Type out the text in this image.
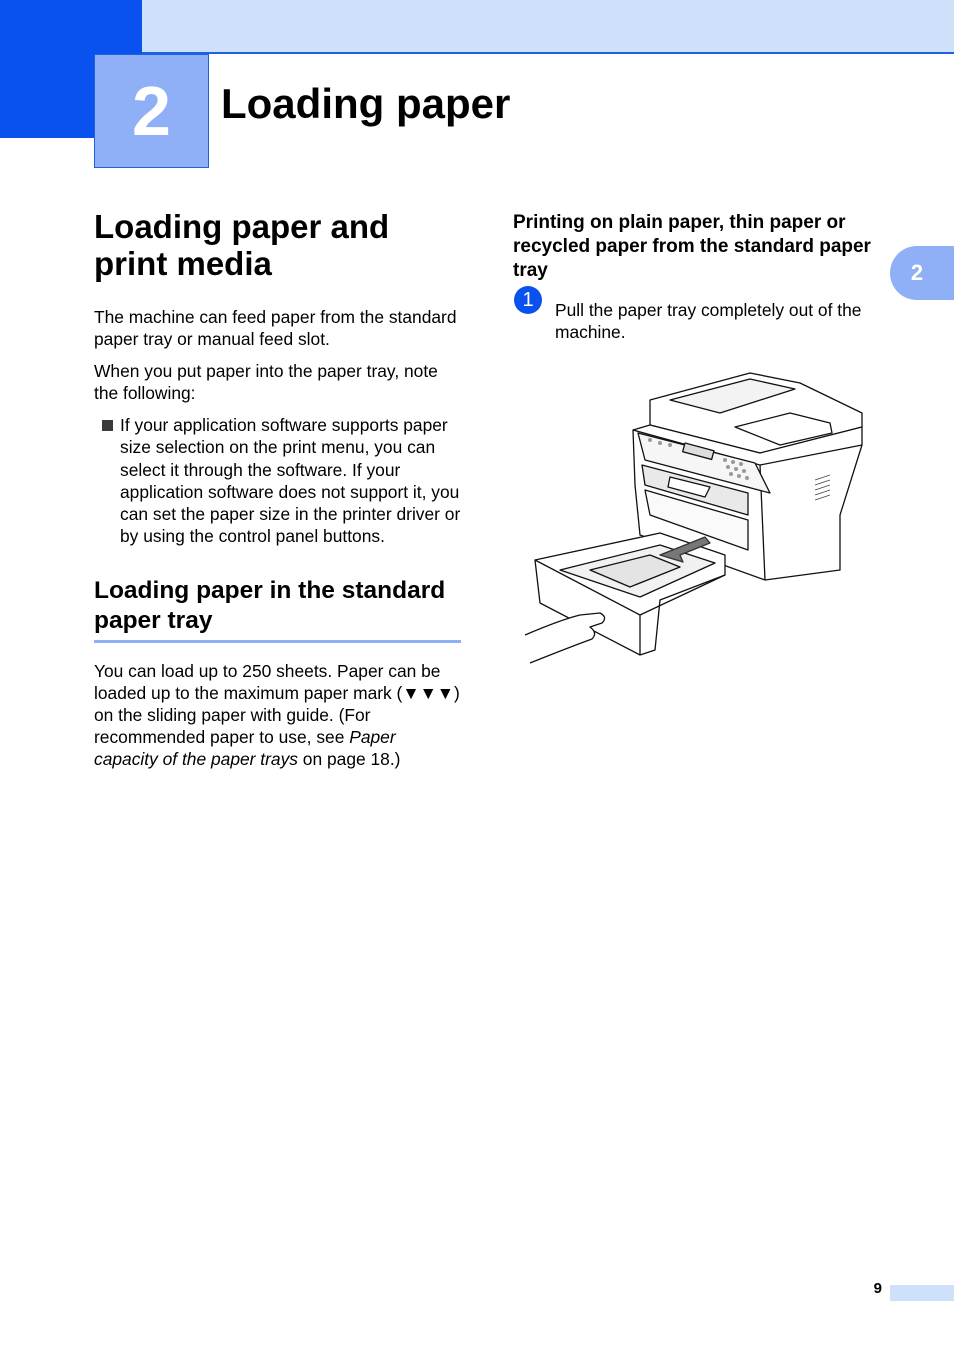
2 Loading paper
2
Loading paper and print media

The machine can feed paper from the standard paper tray or manual feed slot.

When you put paper into the paper tray, note the following:

If your application software supports paper size selection on the print menu, you can select it through the software. If your application software does not support it, you can set the paper size in the printer driver or by using the control panel buttons.
Loading paper in the standard paper tray

You can load up to 250 sheets. Paper can be loaded up to the maximum paper mark (▼▼▼) on the sliding paper with guide. (For recommended paper to use, see Paper capacity of the paper trays on page 18.)

Printing on plain paper, thin paper or recycled paper from the standard paper tray
1	Pull the paper tray completely out of the machine.
9
